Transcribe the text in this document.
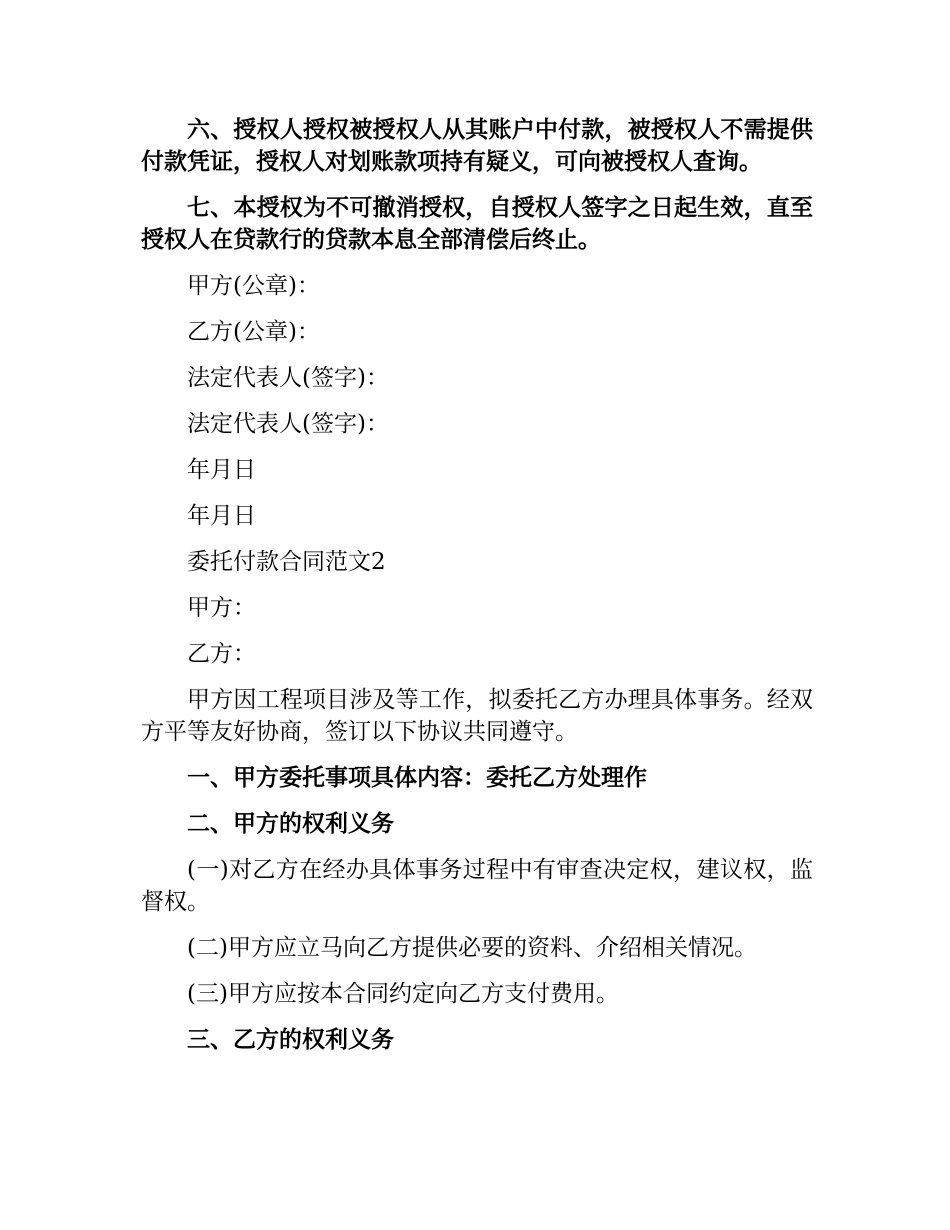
六、授权人授权被授权人从其账户中付款，被授权人不需提供付款凭证，授权人对划账款项持有疑义，可向被授权人查询。

七、本授权为不可撤消授权，自授权人签字之日起生效，直至授权人在贷款行的贷款本息全部清偿后终止。

甲方(公章)：

乙方(公章)：

法定代表人(签字)：

法定代表人(签字)：

年月日

年月日

委托付款合同范文2

甲方：

乙方：

甲方因工程项目涉及等工作，拟委托乙方办理具体事务。经双方平等友好协商，签订以下协议共同遵守。

一、甲方委托事项具体内容：委托乙方处理作

二、甲方的权利义务

(一)对乙方在经办具体事务过程中有审查决定权，建议权，监督权。

(二)甲方应立马向乙方提供必要的资料、介绍相关情况。

(三)甲方应按本合同约定向乙方支付费用。

三、乙方的权利义务
